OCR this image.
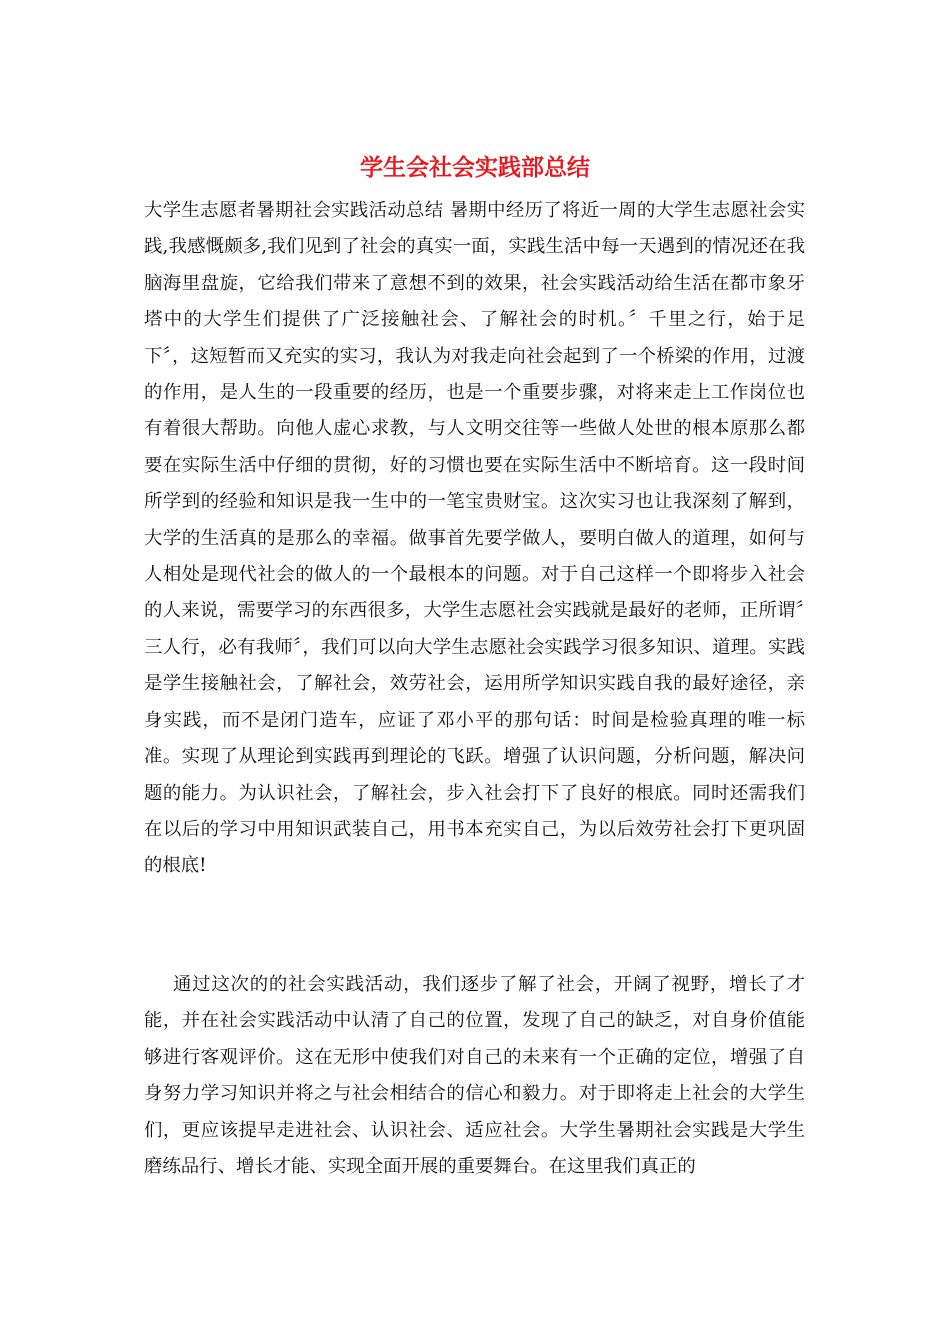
学生会社会实践部总结

大学生志愿者暑期社会实践活动总结 暑期中经历了将近一周的大学生志愿社会实践,我感慨颇多,我们见到了社会的真实一面，实践生活中每一天遇到的情况还在我脑海里盘旋，它给我们带来了意想不到的效果，社会实践活动给生活在都市象牙塔中的大学生们提供了广泛接触社会、了解社会的时机。〞千里之行，始于足下〞，这短暂而又充实的实习，我认为对我走向社会起到了一个桥梁的作用，过渡的作用，是人生的一段重要的经历，也是一个重要步骤，对将来走上工作岗位也有着很大帮助。向他人虚心求教，与人文明交往等一些做人处世的根本原那么都要在实际生活中仔细的贯彻，好的习惯也要在实际生活中不断培育。这一段时间所学到的经验和知识是我一生中的一笔宝贵财宝。这次实习也让我深刻了解到，大学的生活真的是那么的幸福。做事首先要学做人，要明白做人的道理，如何与人相处是现代社会的做人的一个最根本的问题。对于自己这样一个即将步入社会的人来说，需要学习的东西很多，大学生志愿社会实践就是最好的老师，正所谓〞三人行，必有我师〞，我们可以向大学生志愿社会实践学习很多知识、道理。实践是学生接触社会，了解社会，效劳社会，运用所学知识实践自我的最好途径，亲身实践，而不是闭门造车，应证了邓小平的那句话：时间是检验真理的唯一标准。实现了从理论到实践再到理论的飞跃。增强了认识问题，分析问题，解决问题的能力。为认识社会，了解社会，步入社会打下了良好的根底。同时还需我们在以后的学习中用知识武装自己，用书本充实自己，为以后效劳社会打下更巩固的根底!

通过这次的的社会实践活动，我们逐步了解了社会，开阔了视野，增长了才能，并在社会实践活动中认清了自己的位置，发现了自己的缺乏，对自身价值能够进行客观评价。这在无形中使我们对自己的未来有一个正确的定位，增强了自身努力学习知识并将之与社会相结合的信心和毅力。对于即将走上社会的大学生们，更应该提早走进社会、认识社会、适应社会。大学生暑期社会实践是大学生磨练品行、增长才能、实现全面开展的重要舞台。在这里我们真正的
